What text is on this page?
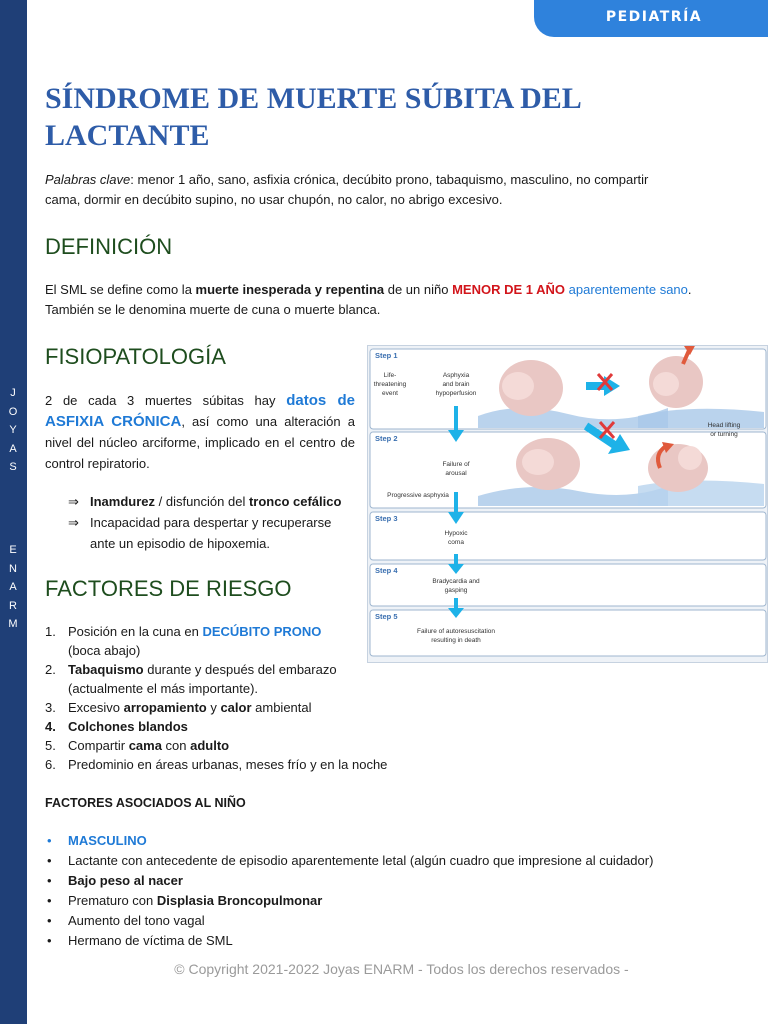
J
O
Y
A
S
E
N
A
R
M
PEDIATRÍA
SÍNDROME DE MUERTE SÚBITA DEL
LACTANTE
Palabras clave: menor 1 año, sano, asfixia crónica, decúbito prono, tabaquismo, masculino, no compartir
cama, dormir en decúbito supino, no usar chupón, no calor, no abrigo excesivo.
DEFINICIÓN
El SML se define como la muerte inesperada y repentina de un niño MENOR DE 1 AÑO aparentemente sano.
También se le denomina muerte de cuna o muerte blanca.
FISIOPATOLOGÍA
2 de cada 3 muertes súbitas hay datos de ASFIXIA CRÓNICA, así como una alteración a nivel del núcleo arciforme, implicado en el centro de control repiratorio.
⇒ Inamdurez / disfunción del tronco cefálico
⇒ Incapacidad para despertar y recuperarse ante un episodio de hipoxemia.
Step 1
Step 2
Step 3
Step 4
Step 5
Life-
threatening
event
Asphyxia
and brain
hypoperfusion
Failure of
arousal
Progressive asphyxia
Hypoxic
coma
Bradycardia and
gasping
Failure of autoresuscitation
resulting in death
Head lifting
or turning
FACTORES DE RIESGO
1. Posición en la cuna en DECÚBITO PRONO
(boca abajo)
2. Tabaquismo durante y después del embarazo
(actualmente el más importante).
3. Excesivo arropamiento y calor ambiental
4. Colchones blandos
5. Compartir cama con adulto
6. Predominio en áreas urbanas, meses frío y en la noche
FACTORES ASOCIADOS AL NIÑO
• MASCULINO
• Lactante con antecedente de episodio aparentemente letal (algún cuadro que impresione al cuidador)
• Bajo peso al nacer
• Prematuro con Displasia Broncopulmonar
• Aumento del tono vagal
• Hermano de víctima de SML
© Copyright 2021-2022 Joyas ENARM - Todos los derechos reservados -
